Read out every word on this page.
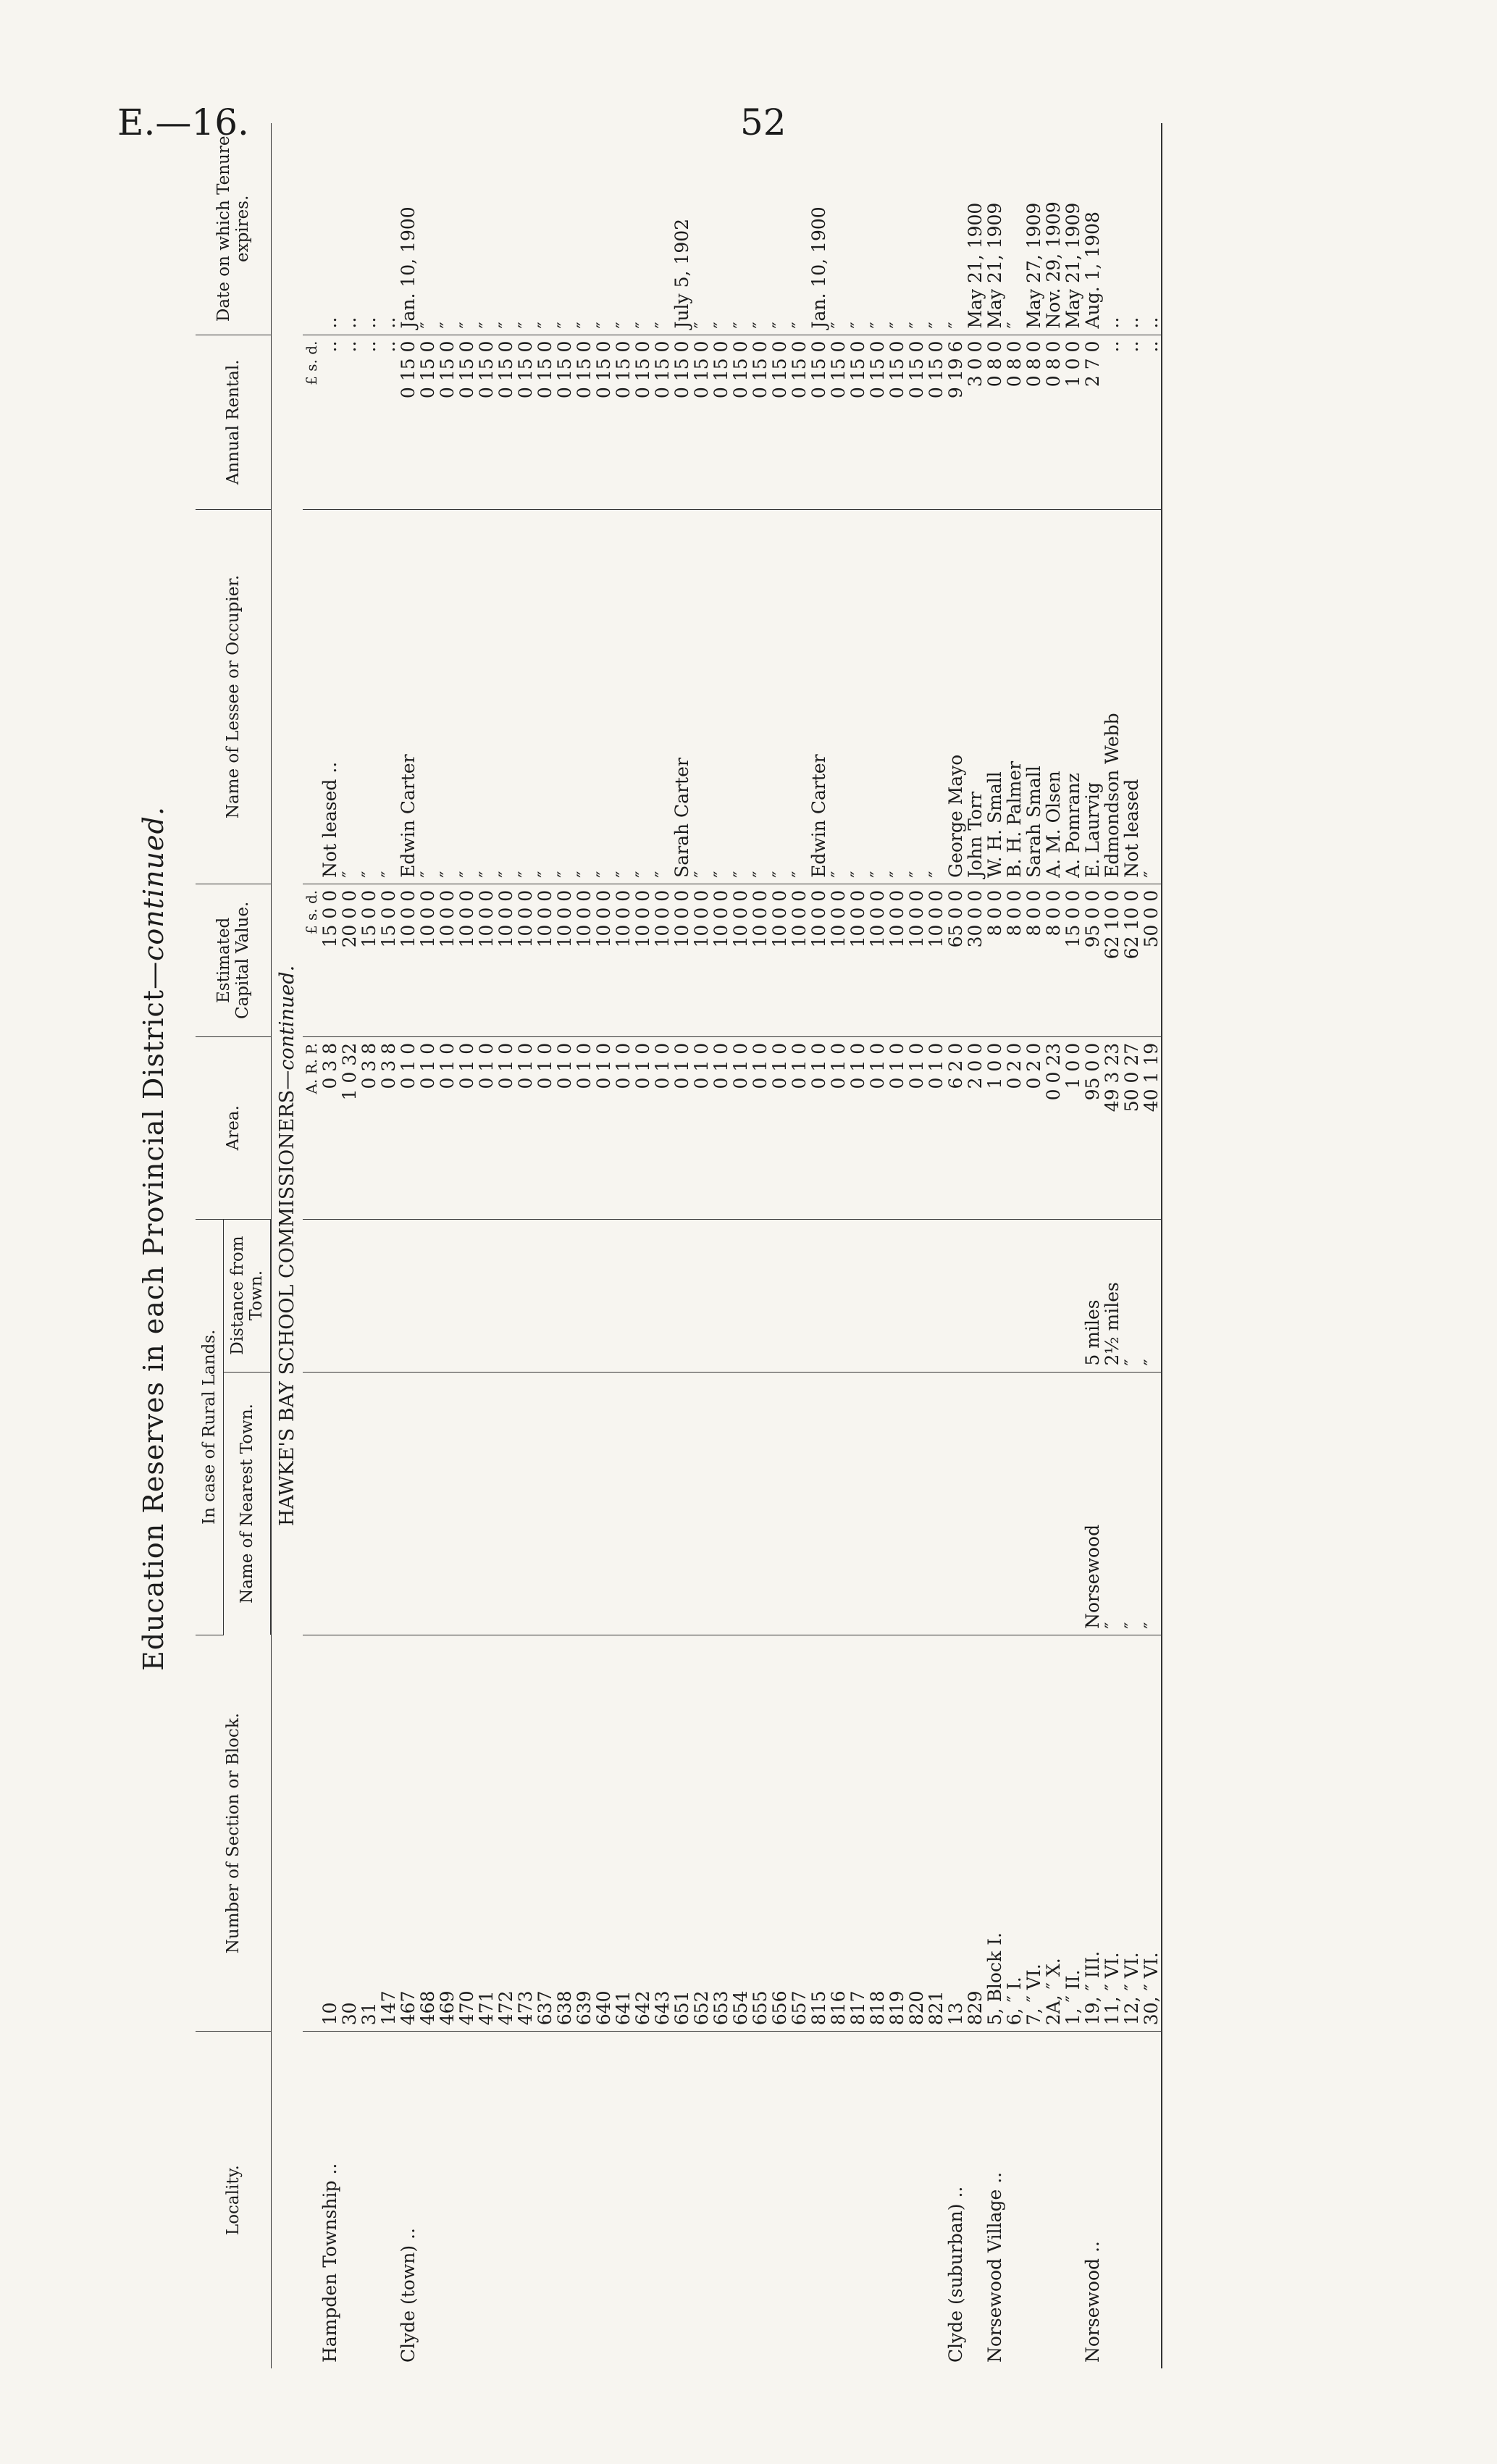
E.—16.	52
Education Reserves in each Provincial District—continued.
Locality.	Number of Section or Block.	In case of Rural Lands.		Area.	Estimated Capital Value.	Name of Lessee or Occupier.	Annual Rental.	Date on which Tenure expires.
		Name of Nearest Town.	Distance from Town.					
HAWKE'S BAY SCHOOL COMMISSIONERS—continued.								
				A. R. P.	£ s. d.		£ s. d.	
Hampden Township ..	10			0 3 8	15 0 0	Not leased ..	..	..
	30			1 0 32	20 0 0	″	..	..
	31			0 3 8	15 0 0	″	..	..
	147			0 3 8	15 0 0	″	..	..
Clyde (town) ..	467			0 1 0	10 0 0	Edwin Carter	0 15 0	Jan. 10, 1900
	468			0 1 0	10 0 0	″	0 15 0	″
	469			0 1 0	10 0 0	″	0 15 0	″
	470			0 1 0	10 0 0	″	0 15 0	″
	471			0 1 0	10 0 0	″	0 15 0	″
	472			0 1 0	10 0 0	″	0 15 0	″
	473			0 1 0	10 0 0	″	0 15 0	″
	637			0 1 0	10 0 0	″	0 15 0	″
	638			0 1 0	10 0 0	″	0 15 0	″
	639			0 1 0	10 0 0	″	0 15 0	″
	640			0 1 0	10 0 0	″	0 15 0	″
	641			0 1 0	10 0 0	″	0 15 0	″
	642			0 1 0	10 0 0	″	0 15 0	″
	643			0 1 0	10 0 0	″	0 15 0	″
	651			0 1 0	10 0 0	Sarah Carter	0 15 0	July 5, 1902
	652			0 1 0	10 0 0	″	0 15 0	″
	653			0 1 0	10 0 0	″	0 15 0	″
	654			0 1 0	10 0 0	″	0 15 0	″
	655			0 1 0	10 0 0	″	0 15 0	″
	656			0 1 0	10 0 0	″	0 15 0	″
	657			0 1 0	10 0 0	″	0 15 0	″
	815			0 1 0	10 0 0	Edwin Carter	0 15 0	Jan. 10, 1900
	816			0 1 0	10 0 0	″	0 15 0	″
	817			0 1 0	10 0 0	″	0 15 0	″
	818			0 1 0	10 0 0	″	0 15 0	″
	819			0 1 0	10 0 0	″	0 15 0	″
	820			0 1 0	10 0 0	″	0 15 0	″
	821			0 1 0	10 0 0	″	0 15 0	″
Clyde (suburban) ..	13			6 2 0	65 0 0	George Mayo	9 19 6	″
	829			2 0 0	30 0 0	John Torr	3 0 0	May 21, 1900
Norsewood Village ..	5, Block I.			1 0 0	8 0 0	W. H. Small	0 8 0	May 21, 1909
	6, ″ I.			0 2 0	8 0 0	B. H. Palmer	0 8 0	″
	7, ″ VI.			0 2 0	8 0 0	Sarah Small	0 8 0	May 27, 1909
	2A, ″ X.			0 0 23	8 0 0	A. M. Olsen	0 8 0	Nov. 29, 1909
	1, ″ II.			1 0 0	15 0 0	A. Pomranz	1 0 0	May 21, 1909
Norsewood ..	19, ″ III.	Norsewood	5 miles	95 0 0	95 0 0	E. Laurvig	2 7 0	Aug. 1, 1908
	11, ″ VI.	″	2½ miles	49 3 23	62 10 0	Edmondson Webb	..	..
	12, ″ VI.	″	″	50 0 27	62 10 0	Not leased	..	..
	30, ″ VI.	″	″	40 1 19	50 0 0	″	..	..
